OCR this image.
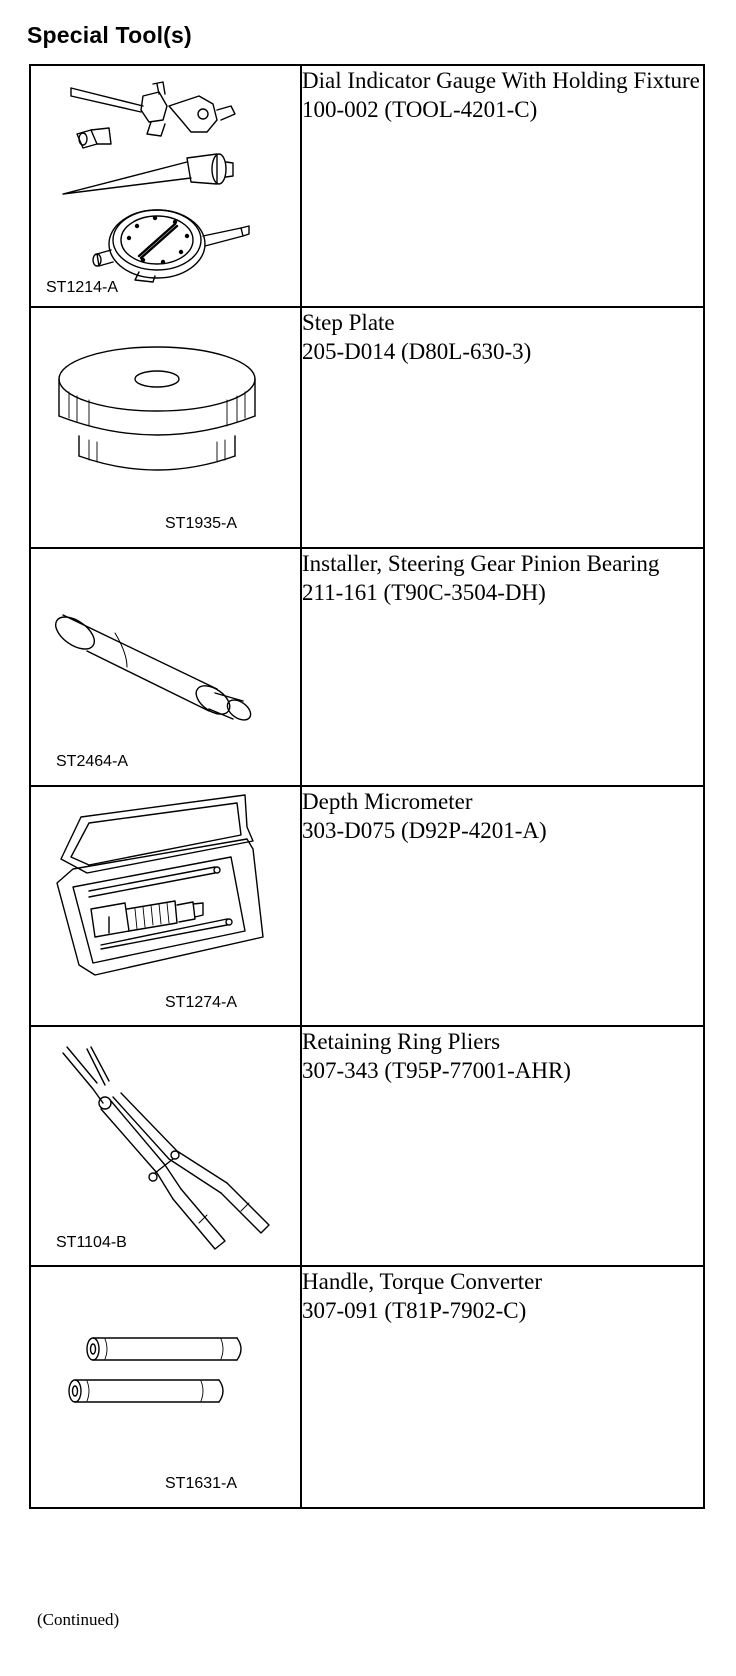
Special Tool(s)
ST1214-A	Dial Indicator Gauge With Holding Fixture
100-002 (TOOL-4201-C)

ST1935-A	Step Plate
205-D014 (D80L-630-3)

ST2464-A	Installer, Steering Gear Pinion Bearing
211-161 (T90C-3504-DH)

ST1274-A	Depth Micrometer
303-D075 (D92P-4201-A)

ST1104-B	Retaining Ring Pliers
307-343 (T95P-77001-AHR)

ST1631-A	Handle, Torque Converter
307-091 (T81P-7902-C)
(Continued)
